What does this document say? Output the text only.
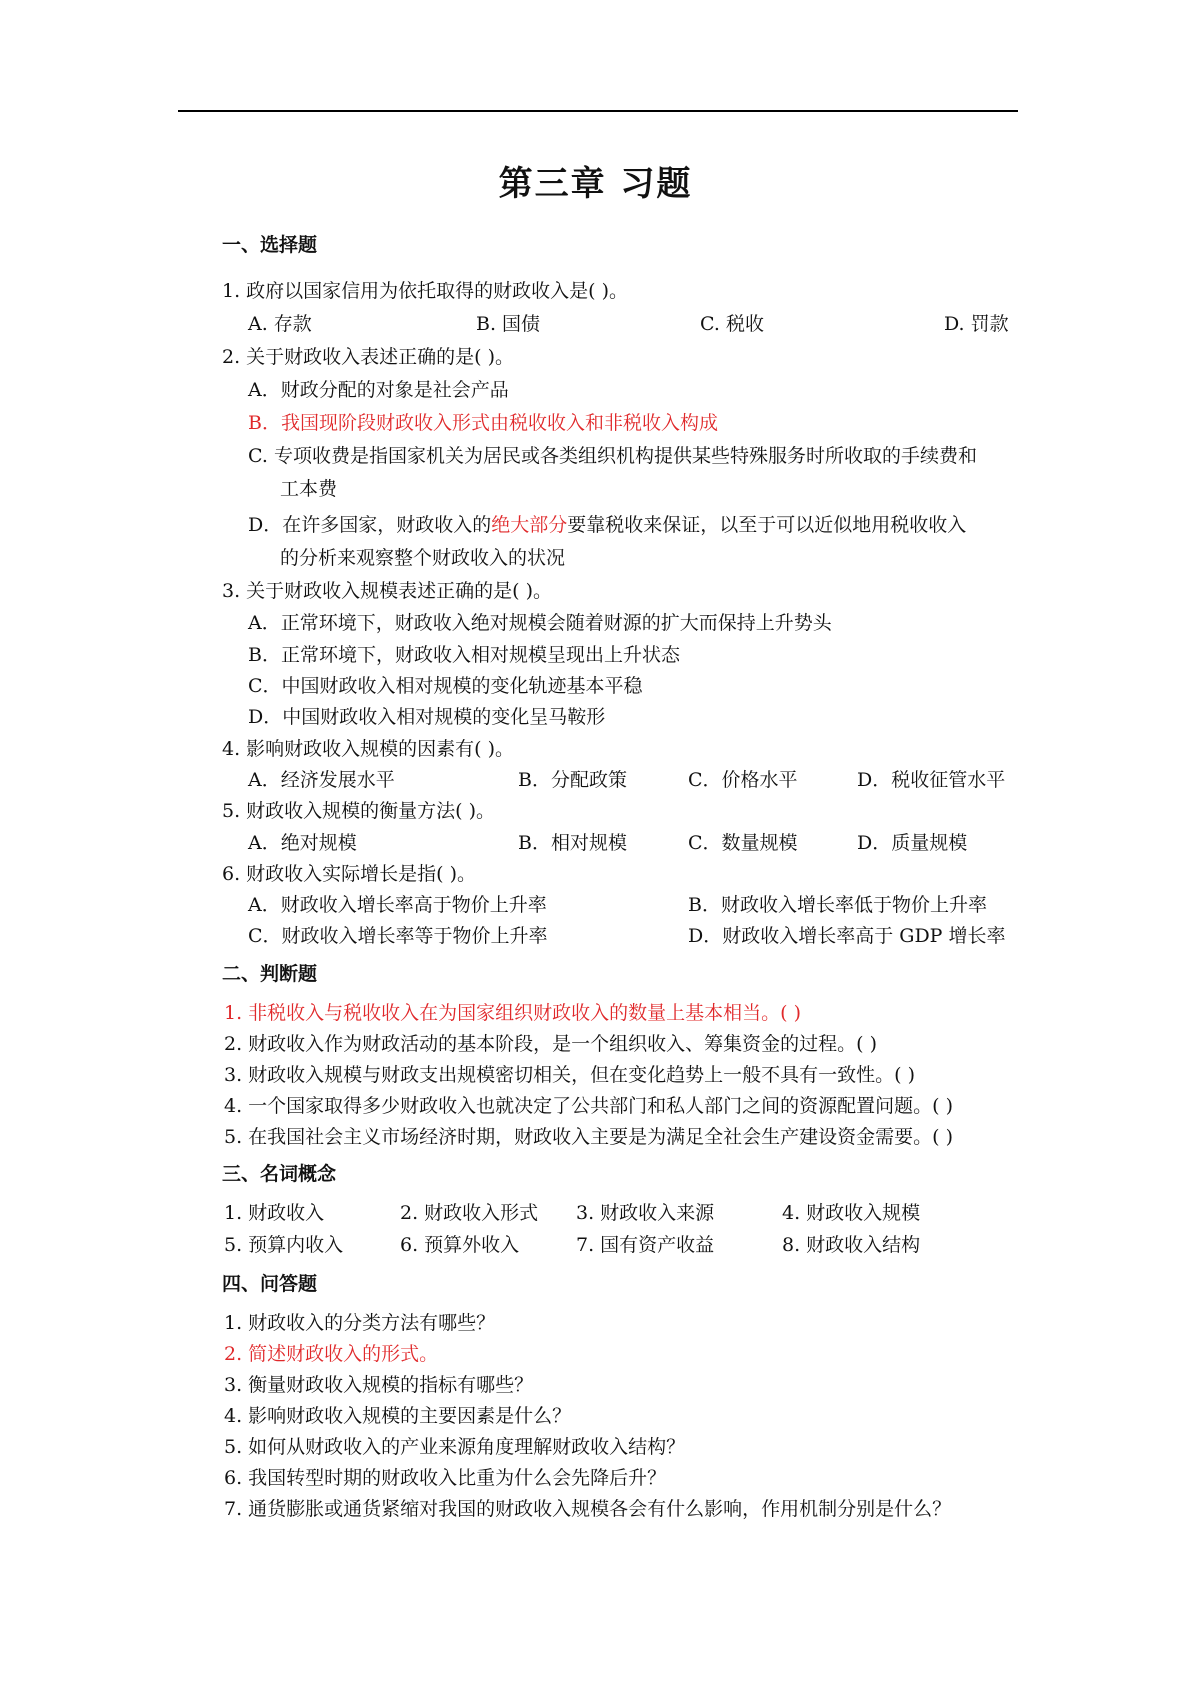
第三章 习题
一、选择题
1. 政府以国家信用为依托取得的财政收入是( )。
A. 存款	B. 国债	C. 税收	D. 罚款
2. 关于财政收入表述正确的是( )。
A．财政分配的对象是社会产品
B．我国现阶段财政收入形式由税收收入和非税收入构成
C. 专项收费是指国家机关为居民或各类组织机构提供某些特殊服务时所收取的手续费和
工本费
D．在许多国家，财政收入的绝大部分要靠税收来保证，以至于可以近似地用税收收入
的分析来观察整个财政收入的状况
3. 关于财政收入规模表述正确的是( )。
A．正常环境下，财政收入绝对规模会随着财源的扩大而保持上升势头
B．正常环境下，财政收入相对规模呈现出上升状态
C．中国财政收入相对规模的变化轨迹基本平稳
D．中国财政收入相对规模的变化呈马鞍形
4. 影响财政收入规模的因素有( )。
A．经济发展水平	B．分配政策	C．价格水平	D．税收征管水平
5. 财政收入规模的衡量方法( )。
A．绝对规模	B．相对规模	C．数量规模	D．质量规模
6. 财政收入实际增长是指( )。
A．财政收入增长率高于物价上升率	B．财政收入增长率低于物价上升率
C．财政收入增长率等于物价上升率	D．财政收入增长率高于 GDP 增长率
二、判断题
1. 非税收入与税收收入在为国家组织财政收入的数量上基本相当。( )
2. 财政收入作为财政活动的基本阶段，是一个组织收入、筹集资金的过程。( )
3. 财政收入规模与财政支出规模密切相关，但在变化趋势上一般不具有一致性。( )
4. 一个国家取得多少财政收入也就决定了公共部门和私人部门之间的资源配置问题。( )
5. 在我国社会主义市场经济时期，财政收入主要是为满足全社会生产建设资金需要。( )
三、名词概念
1. 财政收入	2. 财政收入形式 3. 财政收入来源	4. 财政收入规模
5. 预算内收入	6. 预算外收入	7. 国有资产收益	8. 财政收入结构
四、问答题
1. 财政收入的分类方法有哪些？
2. 简述财政收入的形式。
3. 衡量财政收入规模的指标有哪些？
4. 影响财政收入规模的主要因素是什么？
5. 如何从财政收入的产业来源角度理解财政收入结构？
6. 我国转型时期的财政收入比重为什么会先降后升？
7. 通货膨胀或通货紧缩对我国的财政收入规模各会有什么影响，作用机制分别是什么？
